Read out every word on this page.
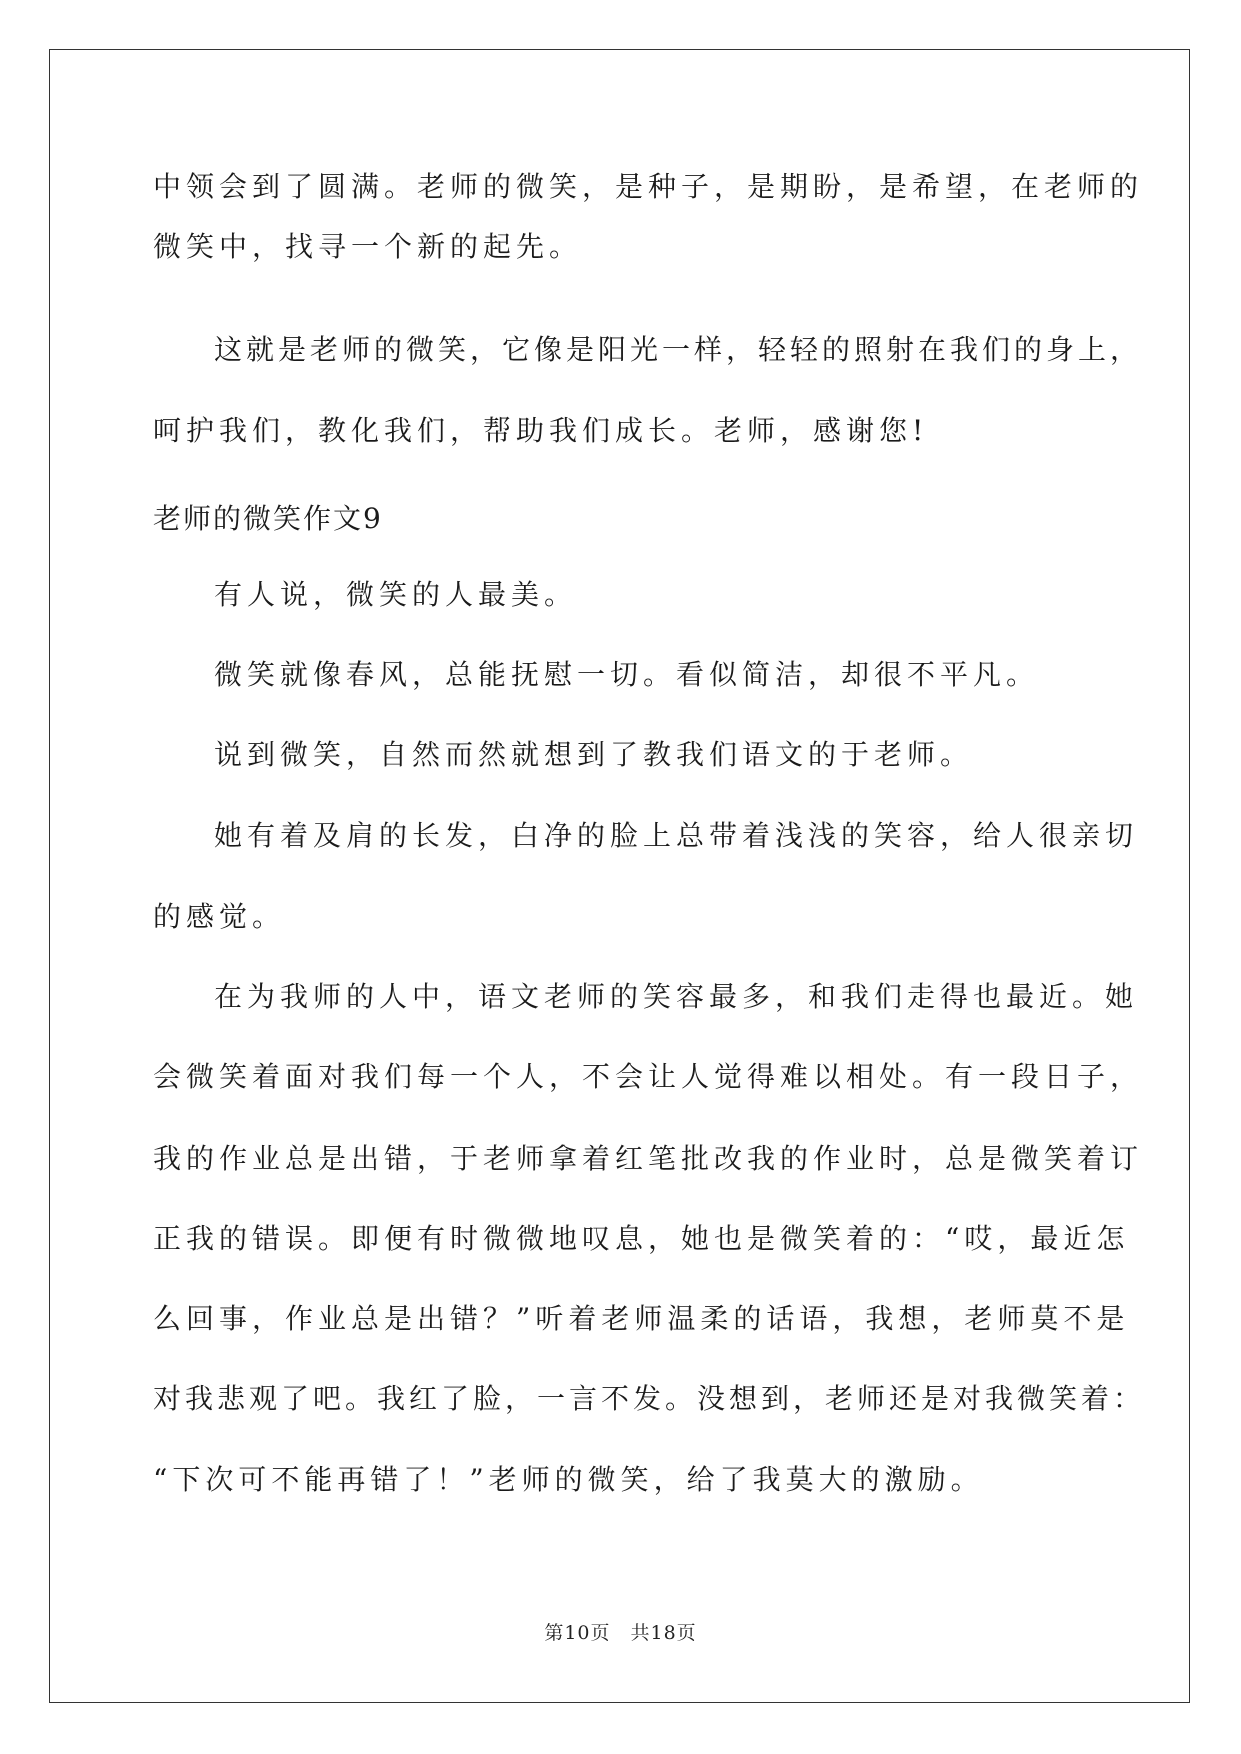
中领会到了圆满。老师的微笑，是种子，是期盼，是希望，在老师的
微笑中，找寻一个新的起先。
这就是老师的微笑，它像是阳光一样，轻轻的照射在我们的身上，
呵护我们，教化我们，帮助我们成长。老师，感谢您!
老师的微笑作文9
有人说，微笑的人最美。
微笑就像春风，总能抚慰一切。看似简洁，却很不平凡。
说到微笑，自然而然就想到了教我们语文的于老师。
她有着及肩的长发，白净的脸上总带着浅浅的笑容，给人很亲切
的感觉。
在为我师的人中，语文老师的笑容最多，和我们走得也最近。她
会微笑着面对我们每一个人，不会让人觉得难以相处。有一段日子，
我的作业总是出错，于老师拿着红笔批改我的作业时，总是微笑着订
正我的错误。即便有时微微地叹息，她也是微笑着的：“哎，最近怎
么回事，作业总是出错？”听着老师温柔的话语，我想，老师莫不是
对我悲观了吧。我红了脸，一言不发。没想到，老师还是对我微笑着：
“下次可不能再错了！”老师的微笑，给了我莫大的激励。
第10页　共18页
